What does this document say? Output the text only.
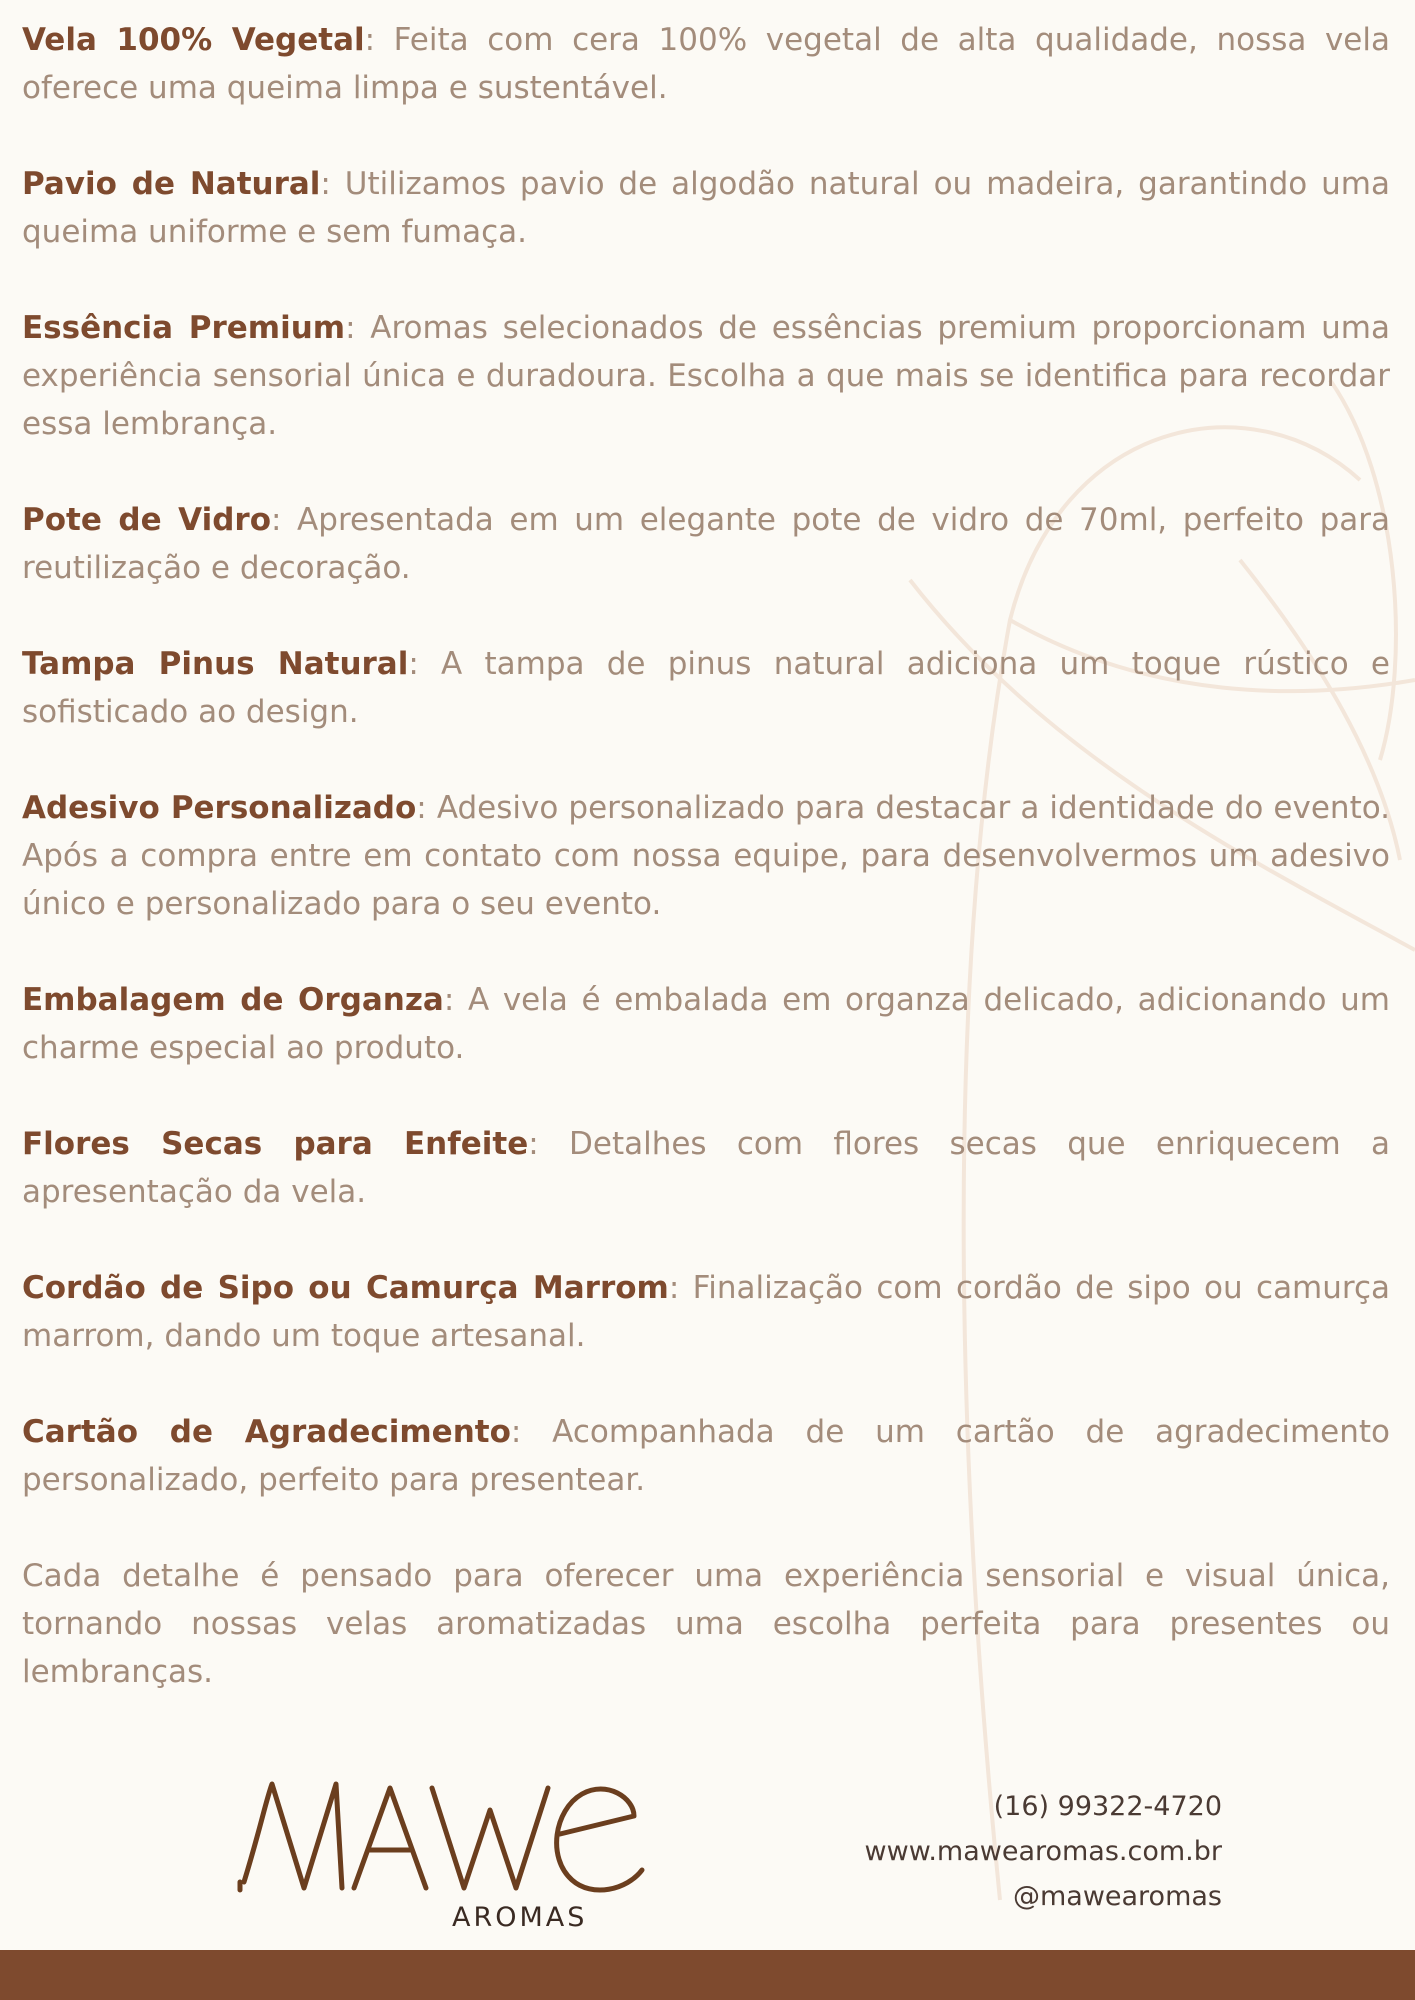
Vela 100% Vegetal: Feita com cera 100% vegetal de alta qualidade, nossa vela oferece uma queima limpa e sustentável.

Pavio de Natural: Utilizamos pavio de algodão natural ou madeira, garantindo uma queima uniforme e sem fumaça.

Essência Premium: Aromas selecionados de essências premium proporcionam uma experiência sensorial única e duradoura. Escolha a que mais se identifica para recordar essa lembrança.

Pote de Vidro: Apresentada em um elegante pote de vidro de 70ml, perfeito para reutilização e decoração.

Tampa Pinus Natural: A tampa de pinus natural adiciona um toque rústico e sofisticado ao design.

Adesivo Personalizado: Adesivo personalizado para destacar a identidade do evento. Após a compra entre em contato com nossa equipe, para desenvolvermos um adesivo único e personalizado para o seu evento.

Embalagem de Organza: A vela é embalada em organza delicado, adicionando um charme especial ao produto.

Flores Secas para Enfeite: Detalhes com flores secas que enriquecem a apresentação da vela.

Cordão de Sipo ou Camurça Marrom: Finalização com cordão de sipo ou camurça marrom, dando um toque artesanal.

Cartão de Agradecimento: Acompanhada de um cartão de agradecimento personalizado, perfeito para presentear.

Cada detalhe é pensado para oferecer uma experiência sensorial e visual única, tornando nossas velas aromatizadas uma escolha perfeita para presentes ou lembranças.

AROMAS
(16) 99322-4720
www.mawearomas.com.br
@mawearomas
